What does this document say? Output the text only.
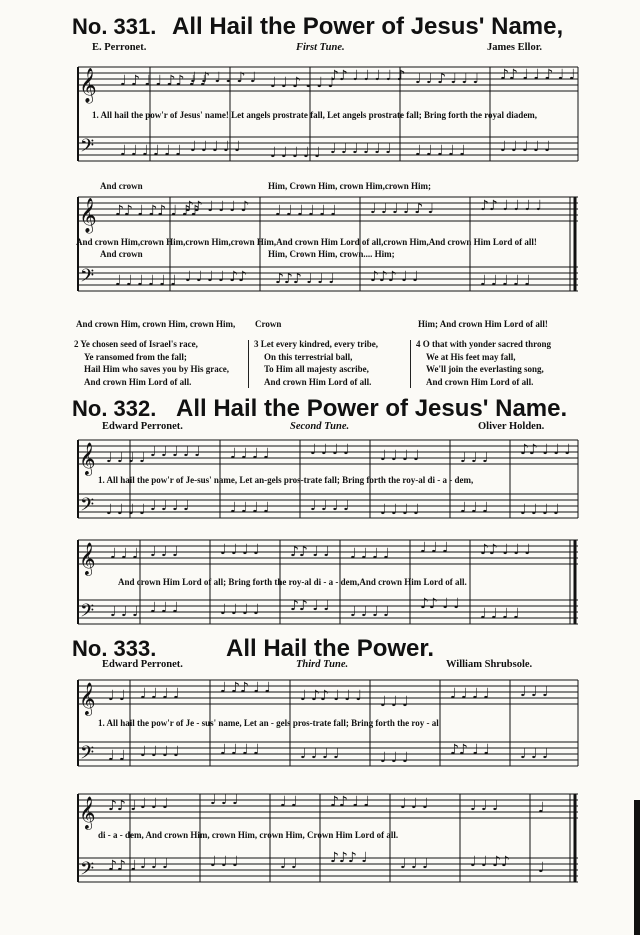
No. 331. All Hail the Power of Jesus' Name,
E. Perronet.	First Tune.	James Ellor.
𝄞
𝄢
𝄞
𝄢
♩ ♪ ♩ ♩ ♪♪ ♩ ♩
♩ ♪ ♩ ♩ ♪ ♩ ♩ ♩ ♪ ♩ ♩ ♩
♪♪ ♩ ♩ ♩ ♩ ♪ ♩ ♩ ♪ ♩ ♩ ♩ ♪♪ ♩ ♩ ♪ ♩ ♩
♩ ♩ ♩ ♩ ♩ ♩ ♩ ♩ ♩ ♩ ♩ ♩ ♩ ♩ ♩ ♩ ♩ ♩ ♩ ♩ ♩ ♩ ♩ ♩ ♩ ♩ ♩ ♩ ♩ ♩ ♩ ♩
♪♪ ♩ ♪♪ ♩ ♪♪
♪♪ ♩ ♩ ♩ ♪ ♩ ♩ ♩ ♩ ♩ ♩ ♩ ♩ ♩ ♩ ♪ ♩	♪♪ ♩ ♩ ♩ ♩
♩ ♩ ♩ ♩ ♩ ♩ ♩ ♩ ♩ ♩ ♪♪ ♪♪♪ ♩ ♩ ♩	♪♪♪ ♩ ♩	♩ ♩ ♩ ♩ ♩
1. All hail the pow'r of Jesus' name! Let angels prostrate fall, Let angels prostrate fall; Bring forth the royal diadem,
And crown	Him, Crown Him, crown Him,crown Him;
And crown Him,crown Him,crown Him,crown Him,And crown Him Lord of all,crown Him,And crown Him Lord of all!
And crown	Him, Crown Him, crown.... Him;
And crown Him, crown Him, crown Him, Crown	Him; And crown Him Lord of all!
2 Ye chosen seed of Israel's race,
Ye ransomed from the fall;
Hail Him who saves you by His grace,
And crown Him Lord of all.
3 Let every kindred, every tribe,
On this terrestrial ball,
To Him all majesty ascribe,
And crown Him Lord of all.
4 O that with yonder sacred throng
We at His feet may fall,
We'll join the everlasting song,
And crown Him Lord of all.
No. 332. All Hail the Power of Jesus' Name.
Edward Perronet.	Second Tune.	Oliver Holden.
𝄞
𝄢
𝄞
𝄢
♩ ♩ ♩ ♩ ♩ ♩ ♩ ♩ ♩ ♩ ♩ ♩ ♩	♩ ♩ ♩ ♩ ♩ ♩ ♩ ♩	♩ ♩ ♩ ♪♪ ♩ ♩ ♩
♩ ♩ ♩ ♩ ♩ ♩ ♩ ♩	♩ ♩ ♩ ♩	♩ ♩ ♩ ♩ ♩ ♩ ♩ ♩	♩ ♩ ♩ ♩ ♩ ♩ ♩
♩ ♩ ♩ ♩ ♩ ♩	♩ ♩ ♩ ♩ ♪♪ ♩ ♩ ♩ ♩ ♩ ♩ ♩ ♩ ♩ ♪♪ ♩ ♩ ♩
♩ ♩ ♩ ♩ ♩ ♩	♩ ♩ ♩ ♩ ♪♪ ♩ ♩ ♩ ♩ ♩ ♩ ♪♪ ♩ ♩
♩ ♩ ♩ ♩
1. All hail the pow'r of Je-sus' name, Let an-gels pros-trate fall; Bring forth the roy-al di - a - dem,
And crown Him Lord of all; Bring forth the roy-al di - a - dem,And crown Him Lord of all.
No. 333.	All Hail the Power.
Edward Perronet.	Third Tune.	William Shrubsole.
𝄞
𝄢
𝄞
𝄢
♩ ♩ ♩ ♩ ♩ ♩	♩ ♪♪ ♩ ♩ ♩ ♪♪ ♩ ♩ ♩ ♩ ♩ ♩	♩ ♩ ♩ ♩ ♩ ♩ ♩
♩ ♩ ♩ ♩ ♩ ♩	♩ ♩ ♩ ♩	♩ ♩ ♩ ♩	♩ ♩ ♩	♪♪ ♩ ♩ ♩ ♩ ♩
♪♪ ♩ ♩ ♩ ♩	♩ ♩ ♩	♩ ♩ ♪♪ ♩ ♩ ♩ ♩ ♩	♩ ♩ ♩	♩
♪♪ ♩ ♩ ♩ ♩	♩ ♩ ♩	♩ ♩ ♪♪♪ ♩ ♩ ♩ ♩	♩ ♩ ♪♪ ♩
1. All hail the pow'r of Je - sus' name, Let an - gels pros-trate fall; Bring forth the roy - al
di - a - dem, And crown Him, crown Him, crown Him, Crown Him Lord of all.
